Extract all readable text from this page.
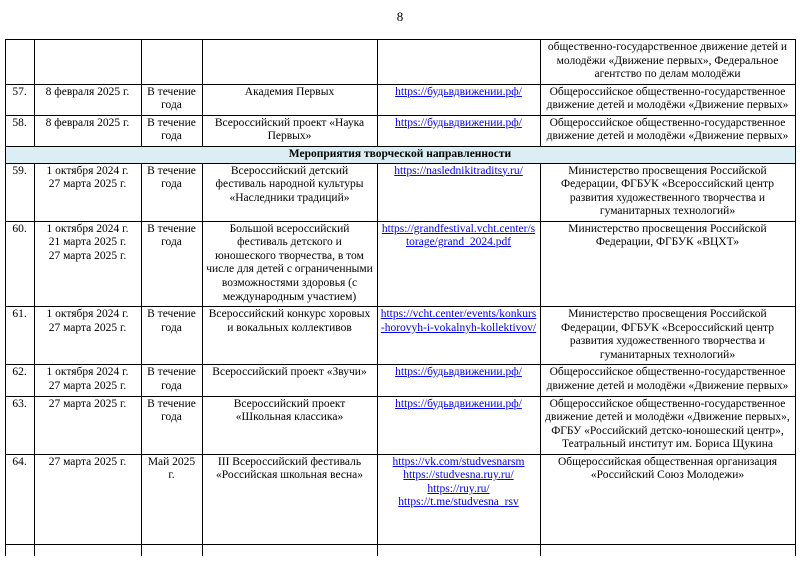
8
					общественно-государственное движение детей и молодёжи «Движение первых», Федеральное агентство по делам молодёжи
57.	8 февраля 2025 г.	В течение года	Академия Первых	https://будьвдвижении.рф/	Общероссийское общественно-государственное движение детей и молодёжи «Движение первых»
58.	8 февраля 2025 г.	В течение года	Всероссийский проект «Наука Первых»	https://будьвдвижении.рф/	Общероссийское общественно-государственное движение детей и молодёжи «Движение первых»
Мероприятия творческой направленности					
59.	1 октября 2024 г.
27 марта 2025 г.	В течение года	Всероссийский детский фестиваль народной культуры «Наследники традиций»	https://naslednikitraditsy.ru/	Министерство просвещения Российской Федерации, ФГБУК «Всероссийский центр развития художественного творчества и гуманитарных технологий»
60.	1 октября 2024 г.
21 марта 2025 г.
27 марта 2025 г.	В течение года	Большой всероссийский фестиваль детского и юношеского творчества, в том числе для детей с ограниченными возможностями здоровья (с международным участием)	https://grandfestival.vcht.center/storage/grand_2024.pdf	Министерство просвещения Российской Федерации, ФГБУК «ВЦХТ»
61.	1 октября 2024 г.
27 марта 2025 г.	В течение года	Всероссийский конкурс хоровых и вокальных коллективов	https://vcht.center/events/konkurs-horovyh-i-vokalnyh-kollektivov/	Министерство просвещения Российской Федерации, ФГБУК «Всероссийский центр развития художественного творчества и гуманитарных технологий»
62.	1 октября 2024 г.
27 марта 2025 г.	В течение года	Всероссийский проект «Звучи»	https://будьвдвижении.рф/	Общероссийское общественно-государственное движение детей и молодёжи «Движение первых»
63.	27 марта 2025 г.	В течение года	Всероссийский проект «Школьная классика»	https://будьвдвижении.рф/	Общероссийское общественно-государственное движение детей и молодёжи «Движение первых», ФГБУ «Российский детско-юношеский центр», Театральный институт им. Бориса Щукина
64.	27 марта 2025 г.	Май 2025 г.	III Всероссийский фестиваль «Российская школьная весна»	https://vk.com/studvesnarsm
https://studvesna.ruy.ru/
https://ruy.ru/
https://t.me/studvesna_rsv	Общероссийская общественная организация «Российский Союз Молодежи»
